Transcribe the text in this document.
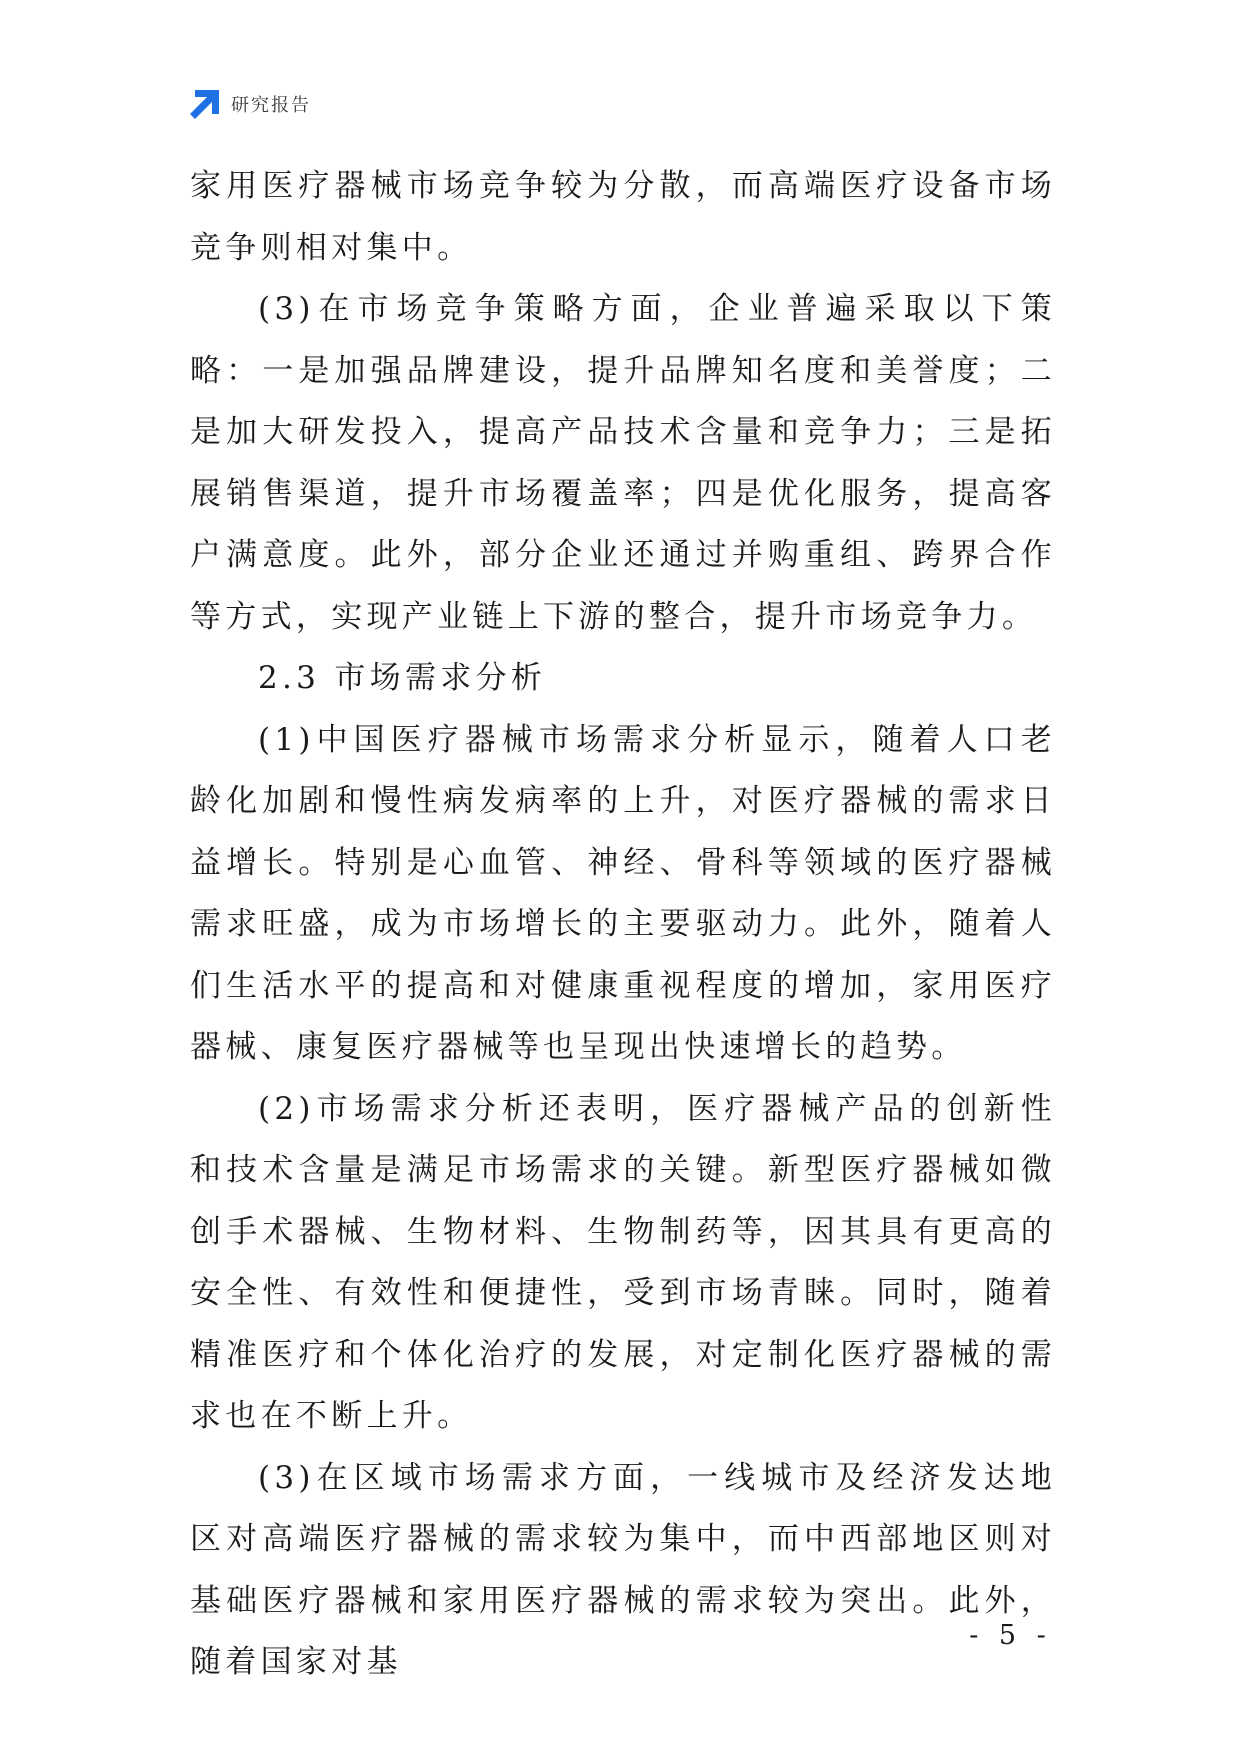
研究报告

家用医疗器械市场竞争较为分散，而高端医疗设备市场竞争则相对集中。

(3)在市场竞争策略方面，企业普遍采取以下策略：一是加强品牌建设，提升品牌知名度和美誉度；二是加大研发投入，提高产品技术含量和竞争力；三是拓展销售渠道，提升市场覆盖率；四是优化服务，提高客户满意度。此外，部分企业还通过并购重组、跨界合作等方式，实现产业链上下游的整合，提升市场竞争力。

2.3 市场需求分析

(1)中国医疗器械市场需求分析显示，随着人口老龄化加剧和慢性病发病率的上升，对医疗器械的需求日益增长。特别是心血管、神经、骨科等领域的医疗器械需求旺盛，成为市场增长的主要驱动力。此外，随着人们生活水平的提高和对健康重视程度的增加，家用医疗器械、康复医疗器械等也呈现出快速增长的趋势。

(2)市场需求分析还表明，医疗器械产品的创新性和技术含量是满足市场需求的关键。新型医疗器械如微创手术器械、生物材料、生物制药等，因其具有更高的安全性、有效性和便捷性，受到市场青睐。同时，随着精准医疗和个体化治疗的发展，对定制化医疗器械的需求也在不断上升。

(3)在区域市场需求方面，一线城市及经济发达地区对高端医疗器械的需求较为集中，而中西部地区则对基础医疗器械和家用医疗器械的需求较为突出。此外，随着国家对基

- 5 -
